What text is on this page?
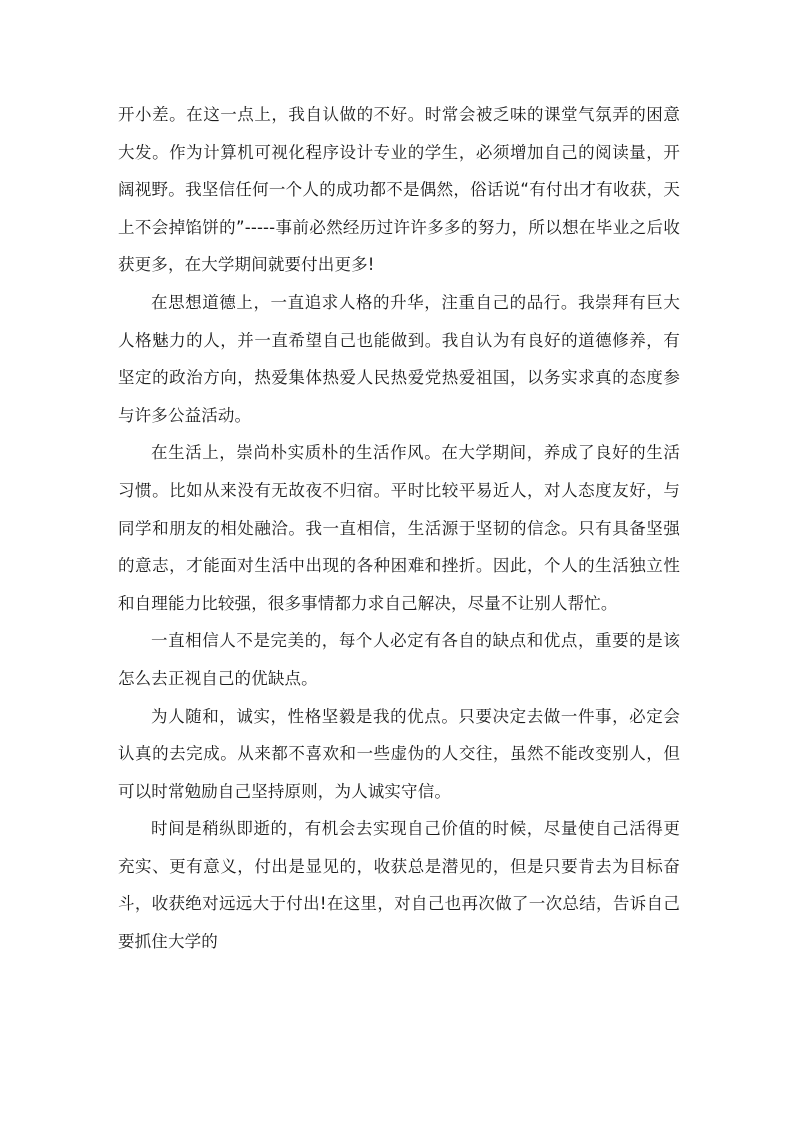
开小差。在这一点上，我自认做的不好。时常会被乏味的课堂气氛弄的困意大发。作为计算机可视化程序设计专业的学生，必须增加自己的阅读量，开阔视野。我坚信任何一个人的成功都不是偶然，俗话说“有付出才有收获，天上不会掉馅饼的”-----事前必然经历过许许多多的努力，所以想在毕业之后收获更多，在大学期间就要付出更多!

在思想道德上，一直追求人格的升华，注重自己的品行。我崇拜有巨大人格魅力的人，并一直希望自己也能做到。我自认为有良好的道德修养，有坚定的政治方向，热爱集体热爱人民热爱党热爱祖国，以务实求真的态度参与许多公益活动。

在生活上，崇尚朴实质朴的生活作风。在大学期间，养成了良好的生活习惯。比如从来没有无故夜不归宿。平时比较平易近人，对人态度友好，与同学和朋友的相处融洽。我一直相信，生活源于坚韧的信念。只有具备坚强的意志，才能面对生活中出现的各种困难和挫折。因此，个人的生活独立性和自理能力比较强，很多事情都力求自己解决，尽量不让别人帮忙。

一直相信人不是完美的，每个人必定有各自的缺点和优点，重要的是该怎么去正视自己的优缺点。

为人随和，诚实，性格坚毅是我的优点。只要决定去做一件事，必定会认真的去完成。从来都不喜欢和一些虚伪的人交往，虽然不能改变别人，但可以时常勉励自己坚持原则，为人诚实守信。

时间是稍纵即逝的，有机会去实现自己价值的时候，尽量使自己活得更充实、更有意义，付出是显见的，收获总是潜见的，但是只要肯去为目标奋斗，收获绝对远远大于付出!在这里，对自己也再次做了一次总结，告诉自己要抓住大学的
